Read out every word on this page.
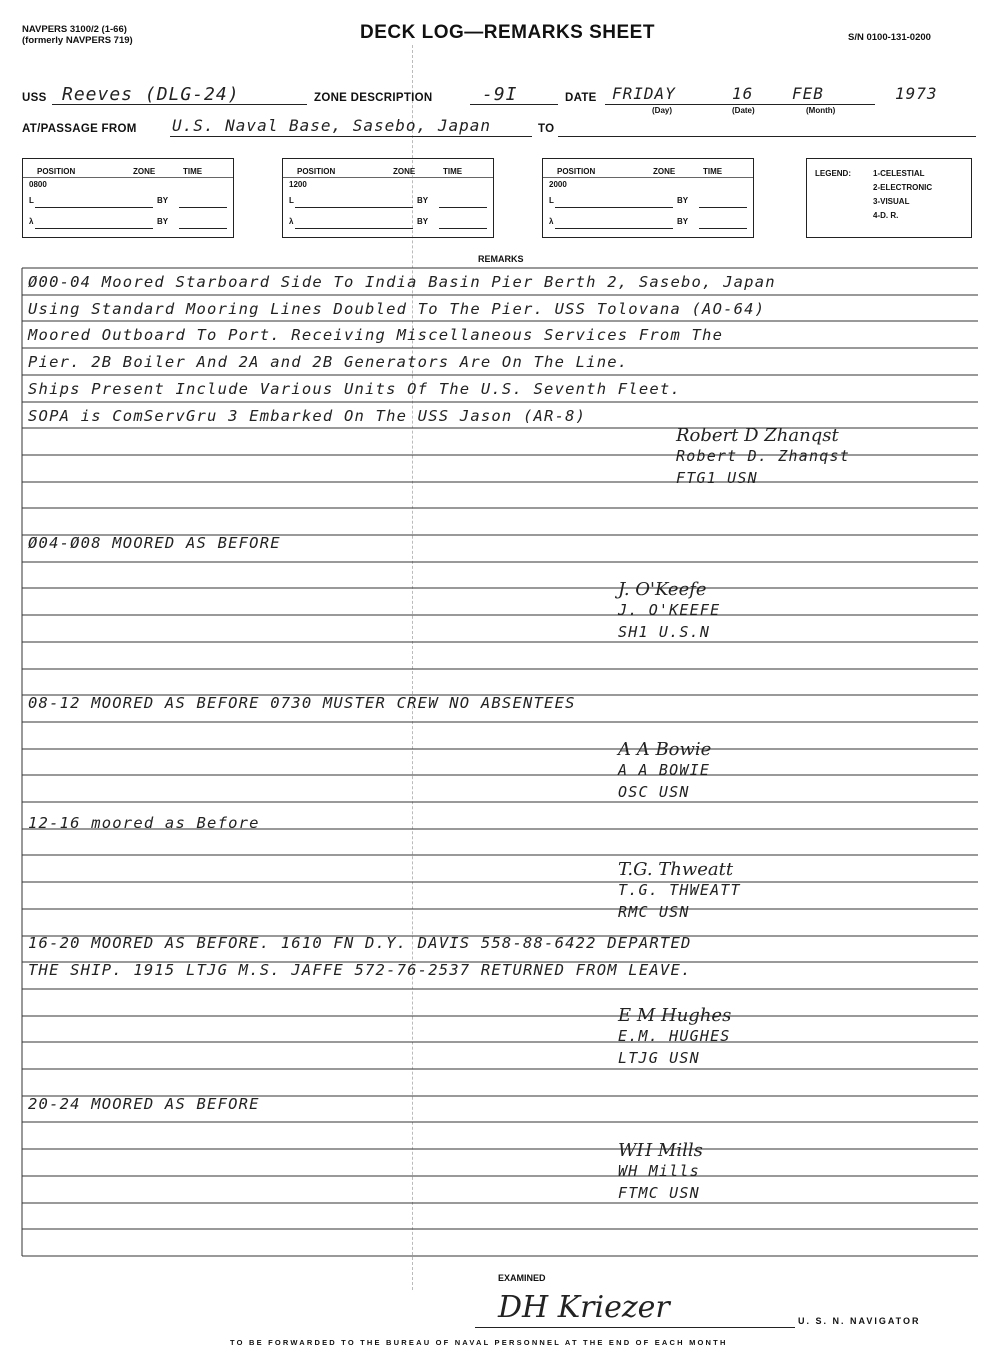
NAVPERS 3100/2 (1-66)
(formerly NAVPERS 719)	DECK LOG—REMARKS SHEET	S/N 0100-131-0200
USS Reeves (DLG-24)	ZONE DESCRIPTION	-9I	DATE FRIDAY	16 FEB	1973
(Day)	(Date)	(Month)
AT/PASSAGE FROM U.S. Naval Base, Sasebo, Japan	TO
POSITION	ZONE	TIME
0800
L	BY
λ	BY
POSITION	ZONE	TIME
1200
L	BY
λ	BY
POSITION	ZONE	TIME
2000
L	BY
λ	BY
LEGEND:	1-CELESTIAL
2-ELECTRONIC
3-VISUAL
4-D. R.
REMARKS
Ø00-04 Moored Starboard Side To India Basin Pier Berth 2, Sasebo, Japan
Using Standard Mooring Lines Doubled To The Pier. USS Tolovana (AO-64)
Moored Outboard To Port. Receiving Miscellaneous Services From The
Pier. 2B Boiler And 2A and 2B Generators Are On The Line.
Ships Present Include Various Units Of The U.S. Seventh Fleet.
SOPA is ComServGru 3 Embarked On The USS Jason (AR-8)
Robert D Zhanqst
Robert D. Zhanqst
FTG1 USN
Ø04-Ø08 MOORED AS BEFORE
J. O'Keefe
J. O'KEEFE
SH1 U.S.N
08-12 MOORED AS BEFORE 0730 MUSTER CREW NO ABSENTEES
A A Bowie
A A BOWIE
OSC USN
12-16 moored as Before
T.G. Thweatt
T.G. THWEATT
RMC USN
16-20 MOORED AS BEFORE. 1610 FN D.Y. DAVIS 558-88-6422 DEPARTED
THE SHIP. 1915 LTJG M.S. JAFFE 572-76-2537 RETURNED FROM LEAVE.
E M Hughes
E.M. HUGHES
LTJG USN
20-24 MOORED AS BEFORE
WH Mills
WH Mills
FTMC USN
EXAMINED
DH Kriezer	U. S. N. NAVIGATOR
TO BE FORWARDED TO THE BUREAU OF NAVAL PERSONNEL AT THE END OF EACH MONTH
